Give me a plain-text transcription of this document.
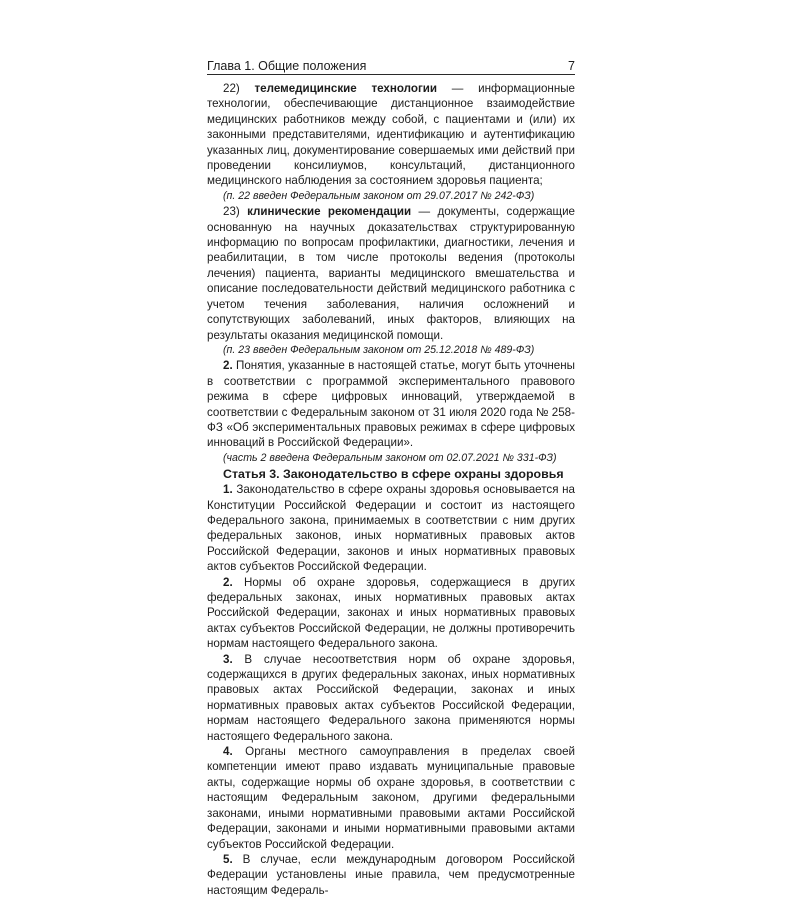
Глава 1. Общие положения	7

22) телемедицинские технологии — информационные технологии, обеспечивающие дистанционное взаимодействие медицинских работников между собой, с пациентами и (или) их законными представителями, идентификацию и аутентификацию указанных лиц, документирование совершаемых ими действий при проведении консилиумов, консультаций, дистанционного медицинского наблюдения за состоянием здоровья пациента;

(п. 22 введен Федеральным законом от 29.07.2017 № 242-ФЗ)

23) клинические рекомендации — документы, содержащие основанную на научных доказательствах структурированную информацию по вопросам профилактики, диагностики, лечения и реабилитации, в том числе протоколы ведения (протоколы лечения) пациента, варианты медицинского вмешательства и описание последовательности действий медицинского работника с учетом течения заболевания, наличия осложнений и сопутствующих заболеваний, иных факторов, влияющих на результаты оказания медицинской помощи.

(п. 23 введен Федеральным законом от 25.12.2018 № 489-ФЗ)

2. Понятия, указанные в настоящей статье, могут быть уточнены в соответствии с программой экспериментального правового режима в сфере цифровых инноваций, утверждаемой в соответствии с Федеральным законом от 31 июля 2020 года № 258-ФЗ «Об экспериментальных правовых режимах в сфере цифровых инноваций в Российской Федерации».

(часть 2 введена Федеральным законом от 02.07.2021 № 331-ФЗ)

Статья 3. Законодательство в сфере охраны здоровья

1. Законодательство в сфере охраны здоровья основывается на Конституции Российской Федерации и состоит из настоящего Федерального закона, принимаемых в соответствии с ним других федеральных законов, иных нормативных правовых актов Российской Федерации, законов и иных нормативных правовых актов субъектов Российской Федерации.

2. Нормы об охране здоровья, содержащиеся в других федеральных законах, иных нормативных правовых актах Российской Федерации, законах и иных нормативных правовых актах субъектов Российской Федерации, не должны противоречить нормам настоящего Федерального закона.

3. В случае несоответствия норм об охране здоровья, содержащихся в других федеральных законах, иных нормативных правовых актах Российской Федерации, законах и иных нормативных правовых актах субъектов Российской Федерации, нормам настоящего Федерального закона применяются нормы настоящего Федерального закона.

4. Органы местного самоуправления в пределах своей компетенции имеют право издавать муниципальные правовые акты, содержащие нормы об охране здоровья, в соответствии с настоящим Федеральным законом, другими федеральными законами, иными нормативными правовыми актами Российской Федерации, законами и иными нормативными правовыми актами субъектов Российской Федерации.

5. В случае, если международным договором Российской Федерации установлены иные правила, чем предусмотренные настоящим Федераль-
